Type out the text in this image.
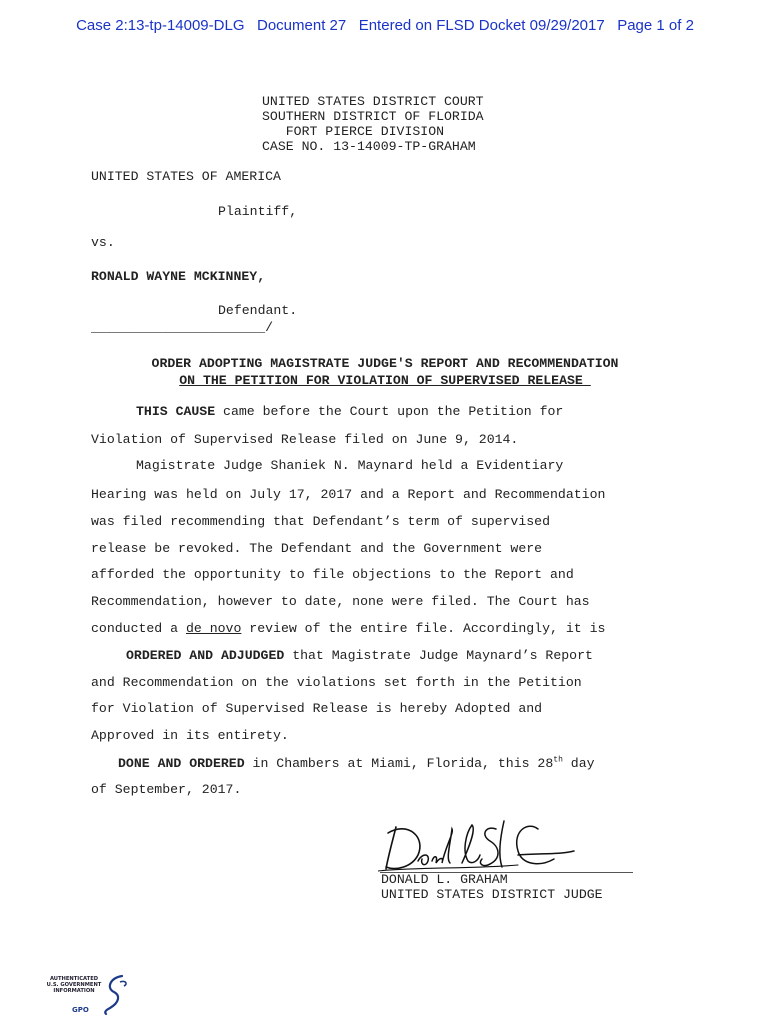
Case 2:13-tp-14009-DLG   Document 27   Entered on FLSD Docket 09/29/2017   Page 1 of 2
UNITED STATES DISTRICT COURT
SOUTHERN DISTRICT OF FLORIDA
FORT PIERCE DIVISION
CASE NO. 13-14009-TP-GRAHAM
UNITED STATES OF AMERICA
Plaintiff,
vs.
RONALD WAYNE MCKINNEY,
Defendant.
______________________/
ORDER ADOPTING MAGISTRATE JUDGE'S REPORT AND RECOMMENDATION
ON THE PETITION FOR VIOLATION OF SUPERVISED RELEASE
THIS CAUSE came before the Court upon the Petition for
Violation of Supervised Release filed on June 9, 2014.
Magistrate Judge Shaniek N. Maynard held a Evidentiary
Hearing was held on July 17, 2017 and a Report and Recommendation
was filed recommending that Defendant’s term of supervised
release be revoked. The Defendant and the Government were
afforded the opportunity to file objections to the Report and
Recommendation, however to date, none were filed. The Court has
conducted a de novo review of the entire file. Accordingly, it is
ORDERED AND ADJUDGED that Magistrate Judge Maynard’s Report
and Recommendation on the violations set forth in the Petition
for Violation of Supervised Release is hereby Adopted and
Approved in its entirety.
DONE AND ORDERED in Chambers at Miami, Florida, this 28th day
of September, 2017.
DONALD L. GRAHAM
UNITED STATES DISTRICT JUDGE
AUTHENTICATED
U.S. GOVERNMENT
INFORMATION
GPO
